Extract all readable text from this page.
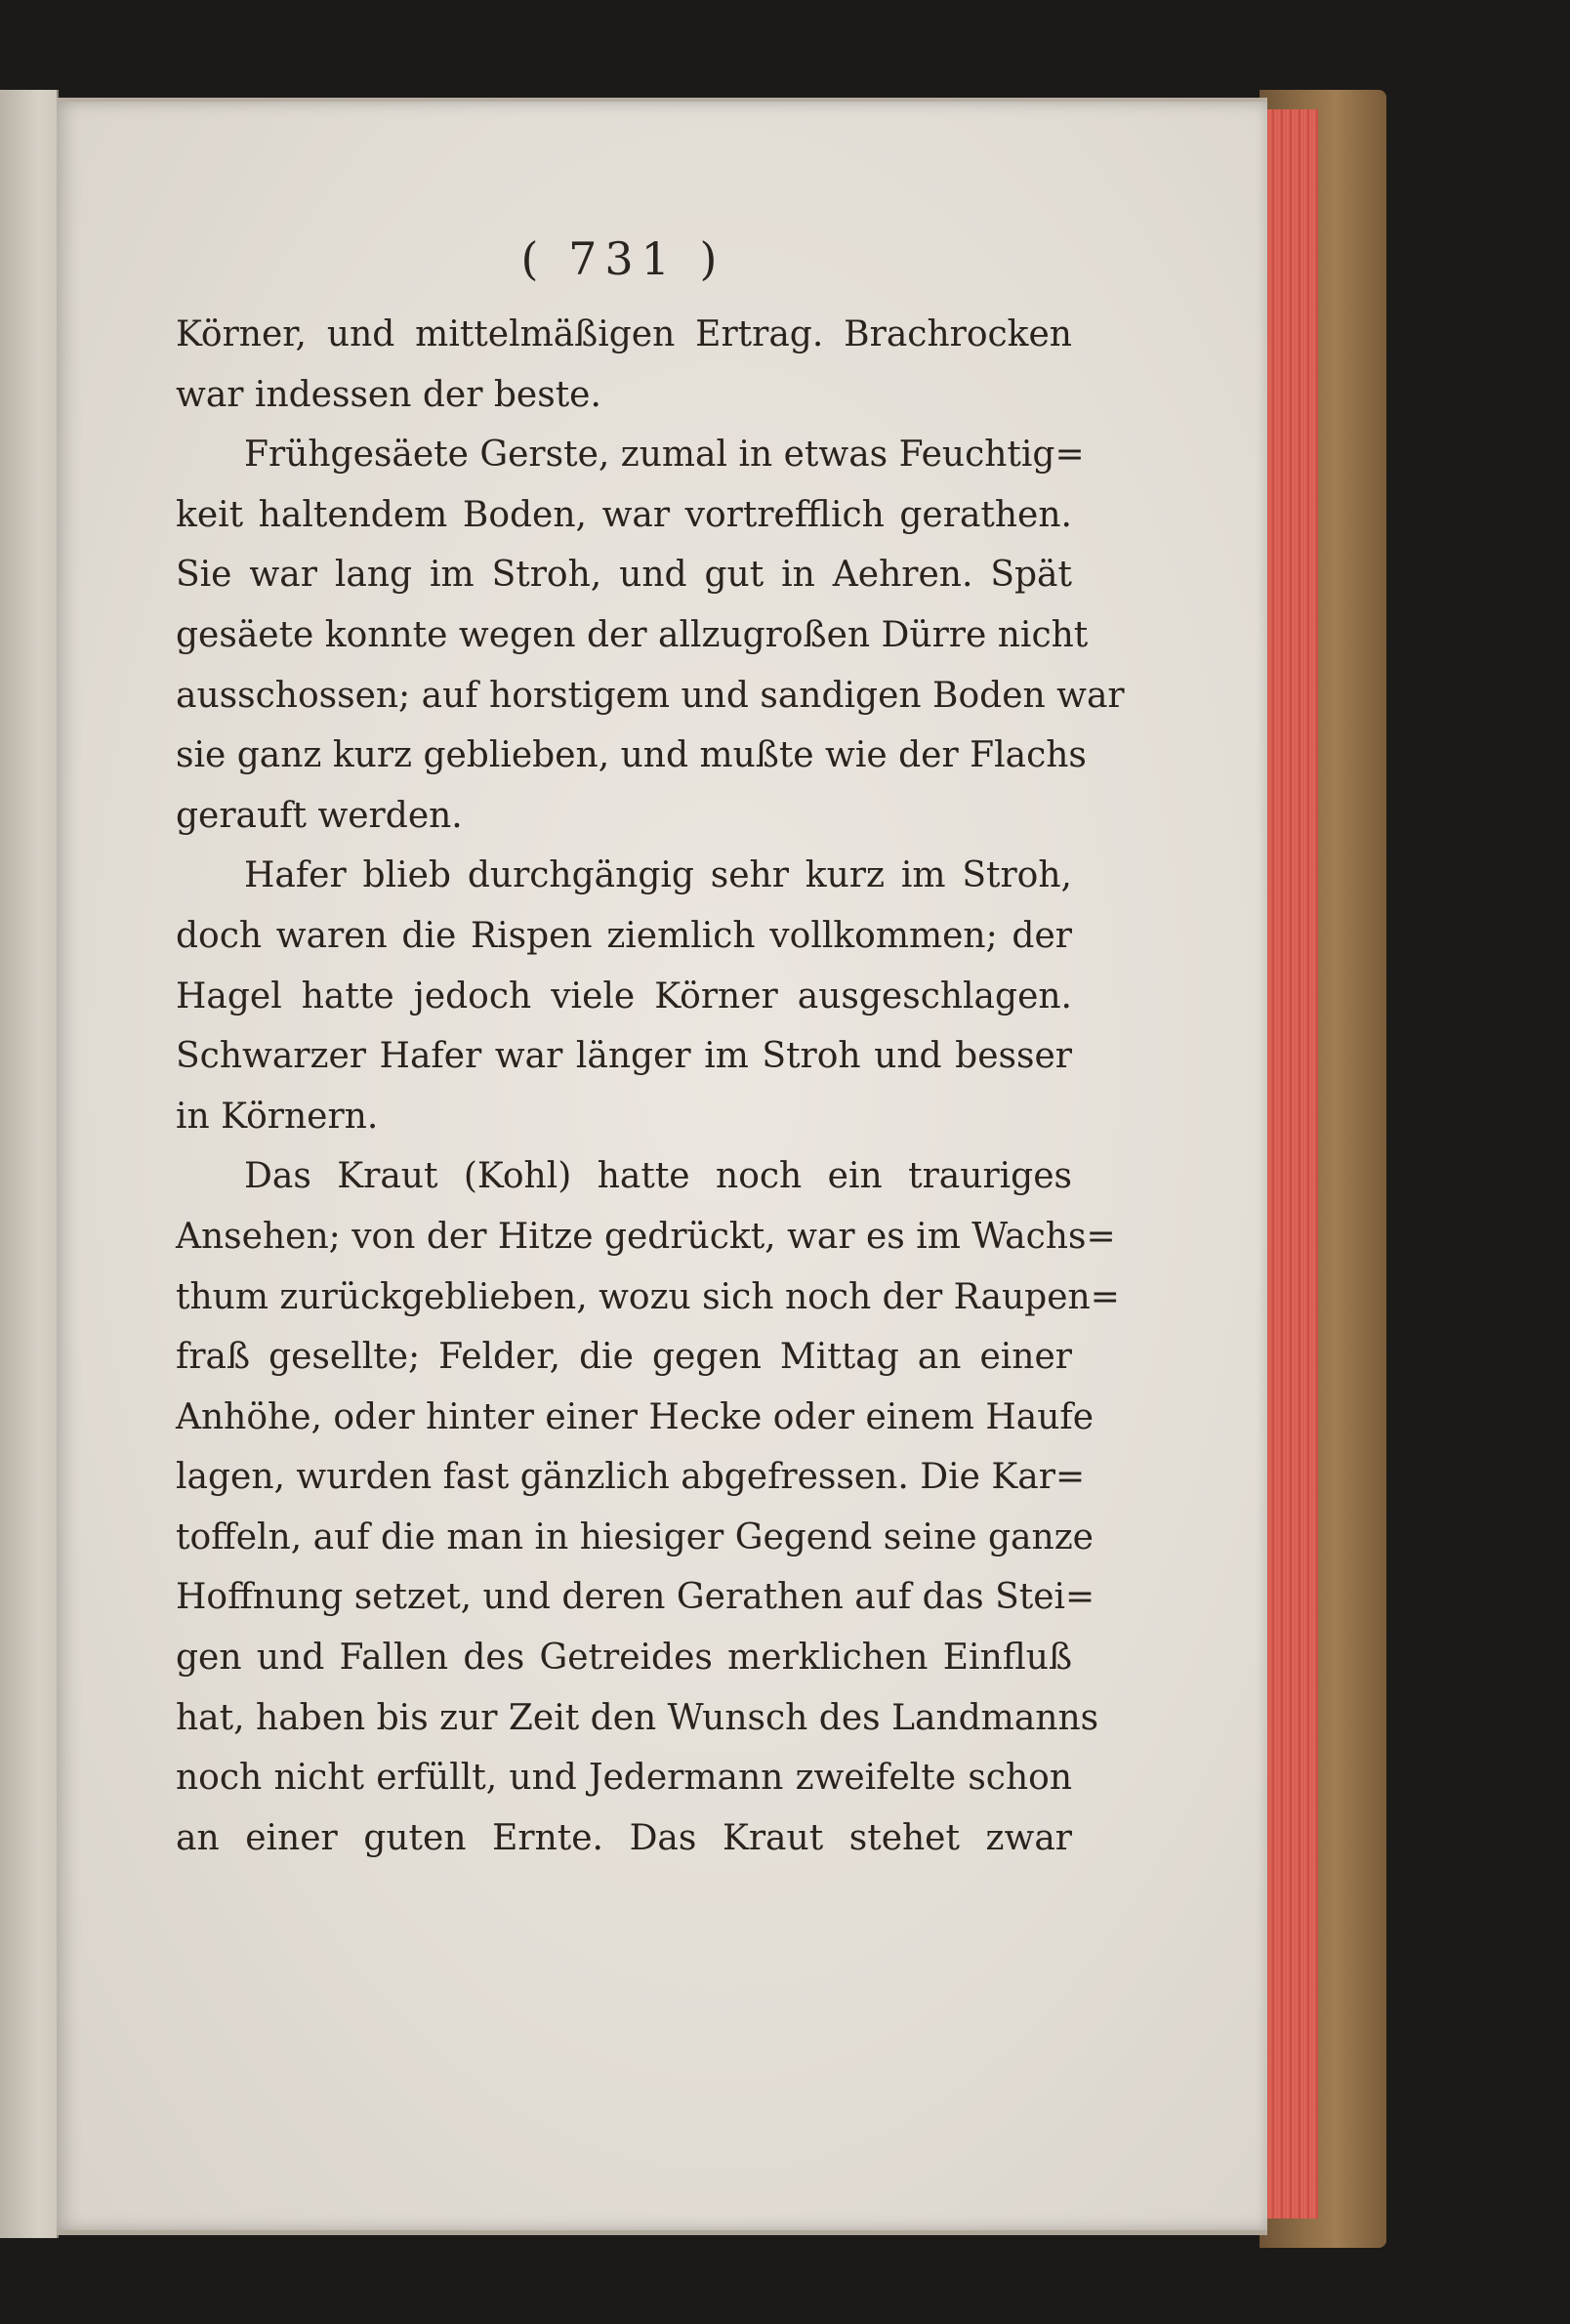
( 731 )
Körner, und mittelmäßigen Ertrag. Brachrocken
war indessen der beste.
Frühgesäete Gerste, zumal in etwas Feuchtig=
keit haltendem Boden, war vortrefflich gerathen.
Sie war lang im Stroh, und gut in Aehren. Spät
gesäete konnte wegen der allzugroßen Dürre nicht
ausschossen; auf horstigem und sandigen Boden war
sie ganz kurz geblieben, und mußte wie der Flachs
gerauft werden.
Hafer blieb durchgängig sehr kurz im Stroh,
doch waren die Rispen ziemlich vollkommen; der
Hagel hatte jedoch viele Körner ausgeschlagen.
Schwarzer Hafer war länger im Stroh und besser
in Körnern.
Das Kraut (Kohl) hatte noch ein trauriges
Ansehen; von der Hitze gedrückt, war es im Wachs=
thum zurückgeblieben, wozu sich noch der Raupen=
fraß gesellte; Felder, die gegen Mittag an einer
Anhöhe, oder hinter einer Hecke oder einem Haufe
lagen, wurden fast gänzlich abgefressen. Die Kar=
toffeln, auf die man in hiesiger Gegend seine ganze
Hoffnung setzet, und deren Gerathen auf das Stei=
gen und Fallen des Getreides merklichen Einfluß
hat, haben bis zur Zeit den Wunsch des Landmanns
noch nicht erfüllt, und Jedermann zweifelte schon
an einer guten Ernte. Das Kraut stehet zwar
